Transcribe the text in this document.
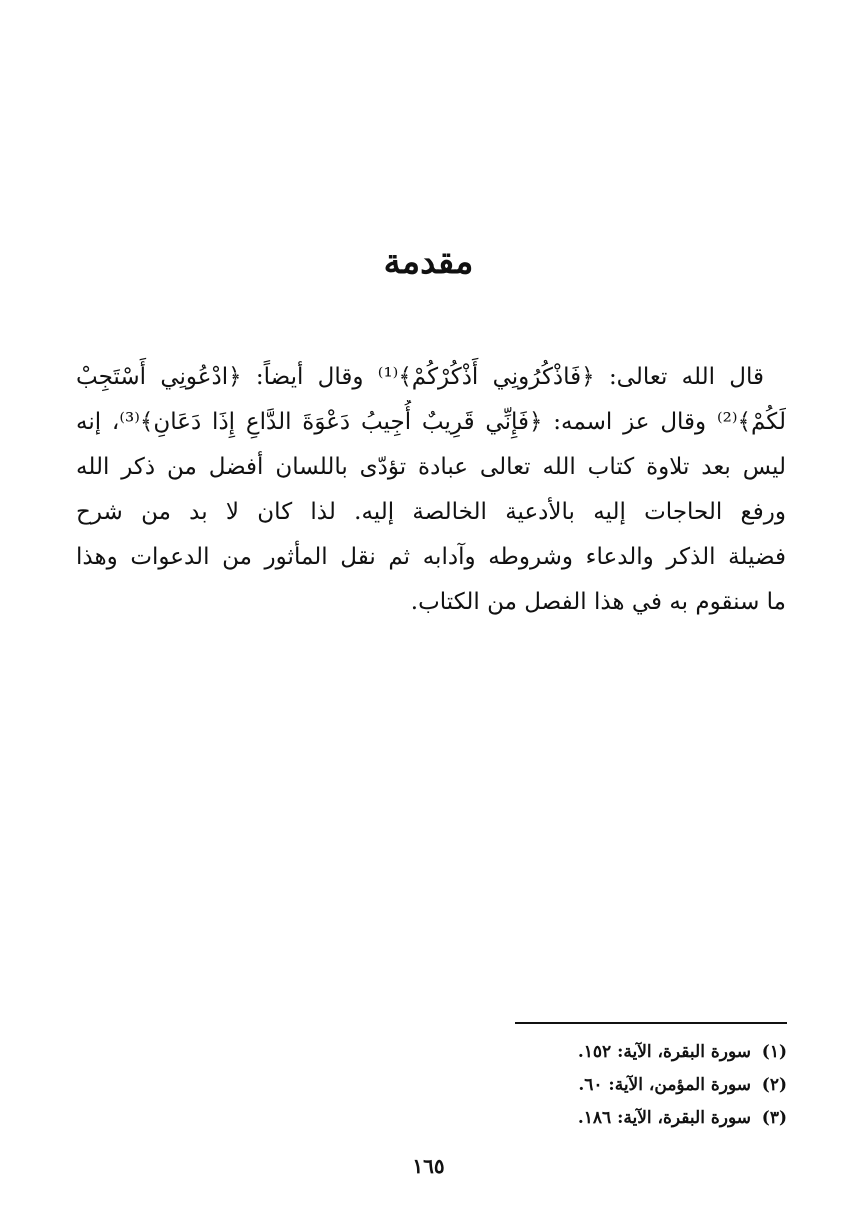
مقدمة
قال الله تعالى: ﴿فَاذْكُرُونِي أَذْكُرْكُمْ﴾⁽¹⁾ وقال أيضاً: ﴿ادْعُونِي أَسْتَجِبْ
لَكُمْ﴾⁽²⁾ وقال عز اسمه: ﴿فَإِنِّي قَرِيبٌ أُجِيبُ دَعْوَةَ الدَّاعِ إِذَا دَعَانِ﴾⁽³⁾، إنه
ليس بعد تلاوة كتاب الله تعالى عبادة تؤدّى باللسان أفضل من ذكر الله
ورفع الحاجات إليه بالأدعية الخالصة إليه. لذا كان لا بد من شرح
فضيلة الذكر والدعاء وشروطه وآدابه ثم نقل المأثور من الدعوات وهذا
ما سنقوم به في هذا الفصل من الكتاب.
(١)سورة البقرة، الآية: ١٥٢.
(٢)سورة المؤمن، الآية: ٦٠.
(٣)سورة البقرة، الآية: ١٨٦.
١٦٥
